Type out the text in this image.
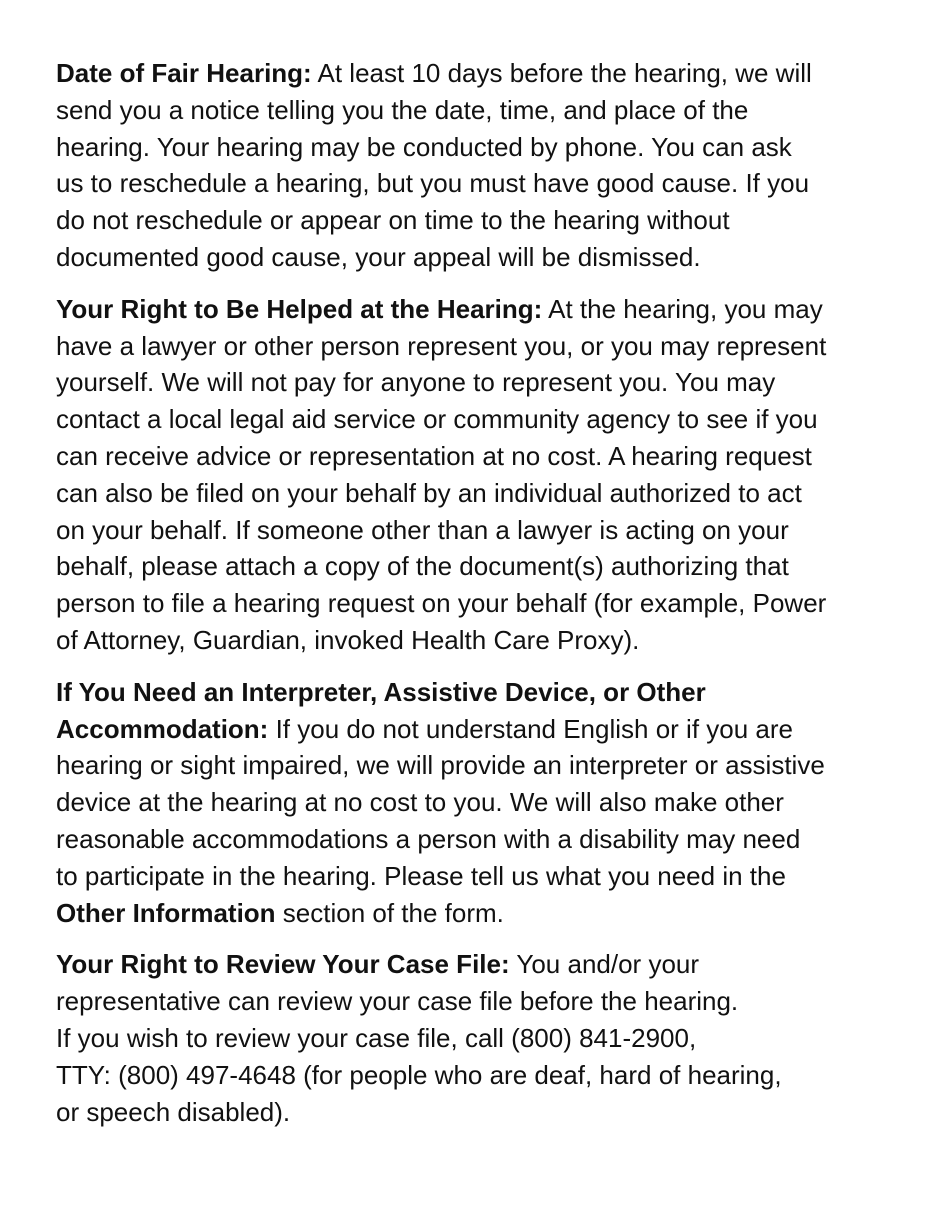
Date of Fair Hearing: At least 10 days before the hearing, we will
send you a notice telling you the date, time, and place of the
hearing. Your hearing may be conducted by phone. You can ask
us to reschedule a hearing, but you must have good cause. If you
do not reschedule or appear on time to the hearing without
documented good cause, your appeal will be dismissed.

Your Right to Be Helped at the Hearing: At the hearing, you may
have a lawyer or other person represent you, or you may represent
yourself. We will not pay for anyone to represent you. You may
contact a local legal aid service or community agency to see if you
can receive advice or representation at no cost. A hearing request
can also be filed on your behalf by an individual authorized to act
on your behalf. If someone other than a lawyer is acting on your
behalf, please attach a copy of the document(s) authorizing that
person to file a hearing request on your behalf (for example, Power
of Attorney, Guardian, invoked Health Care Proxy).

If You Need an Interpreter, Assistive Device, or Other
Accommodation: If you do not understand English or if you are
hearing or sight impaired, we will provide an interpreter or assistive
device at the hearing at no cost to you. We will also make other
reasonable accommodations a person with a disability may need
to participate in the hearing. Please tell us what you need in the
Other Information section of the form.

Your Right to Review Your Case File: You and/or your
representative can review your case file before the hearing.
If you wish to review your case file, call (800) 841-2900,
TTY: (800) 497-4648 (for people who are deaf, hard of hearing,
or speech disabled).
